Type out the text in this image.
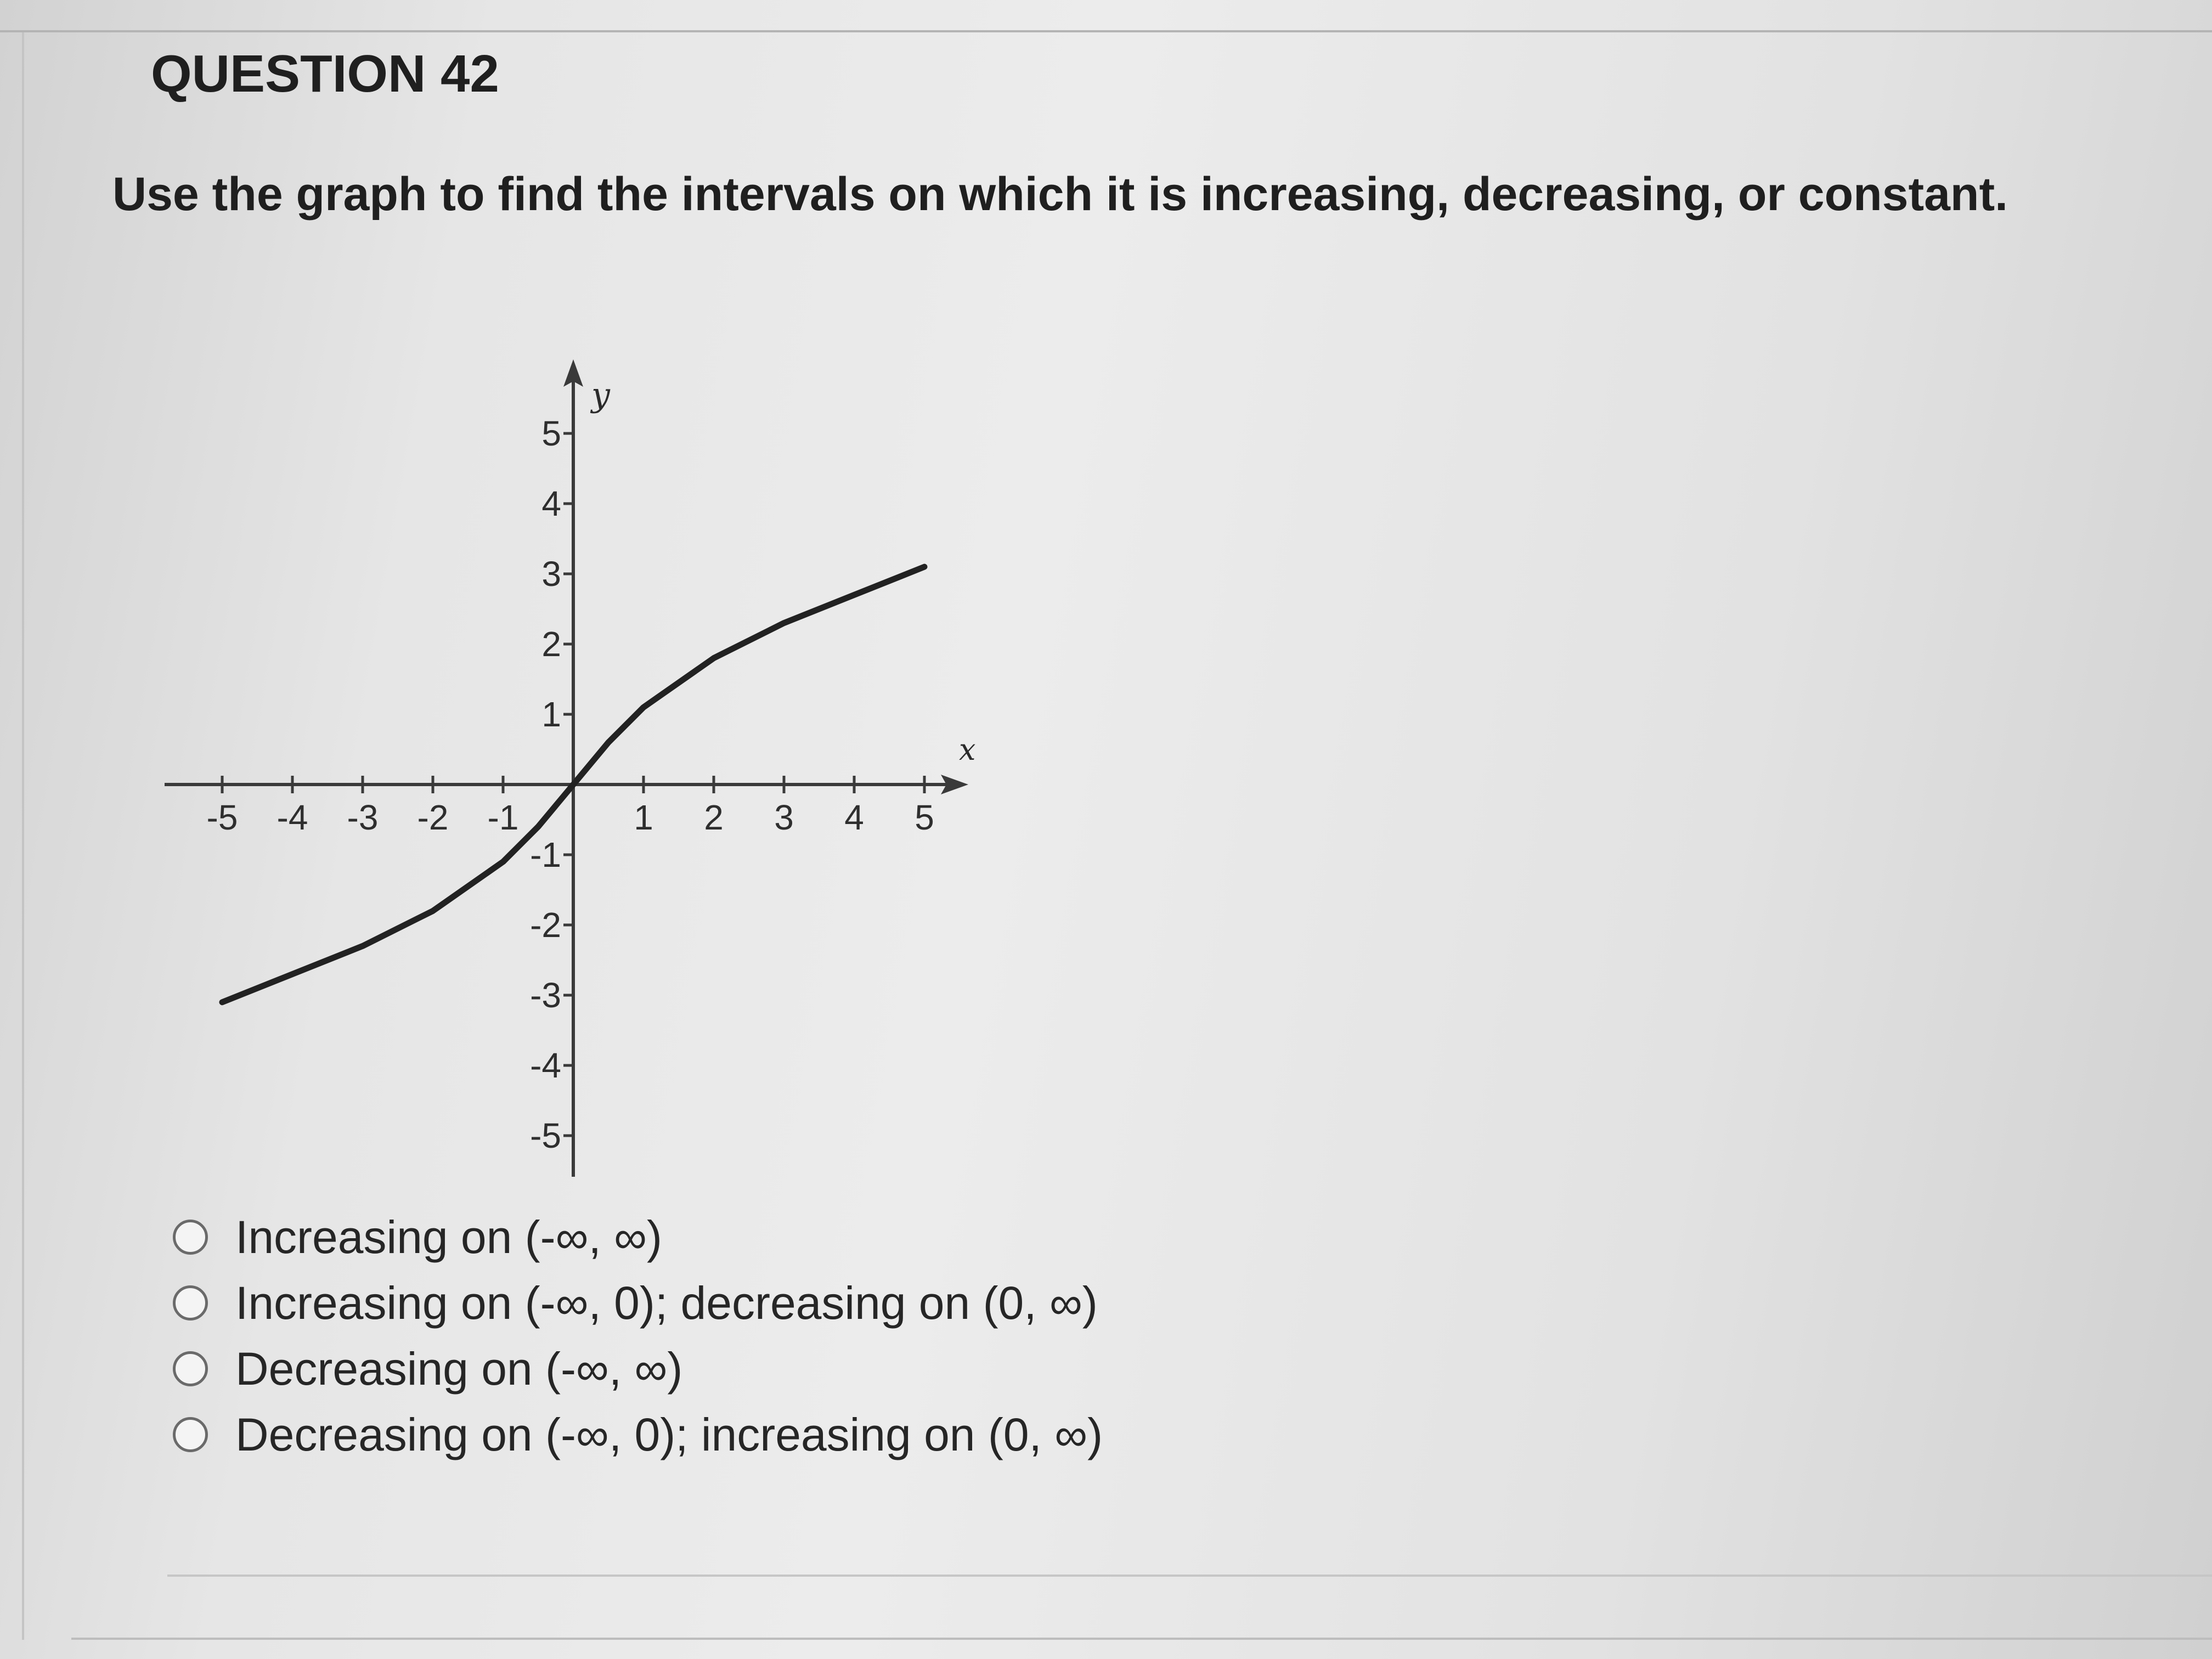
QUESTION 42
Use the graph to find the intervals on which it is increasing, decreasing, or constant.
x
y
-5 -4 -3 -2 -1	1 2 3 4 5
5
4
3
2
1
-1
-2
-3
-4
-5
Increasing on (-∞, ∞)
Increasing on (-∞, 0); decreasing on (0, ∞)
Decreasing on (-∞, ∞)
Decreasing on (-∞, 0); increasing on (0, ∞)
